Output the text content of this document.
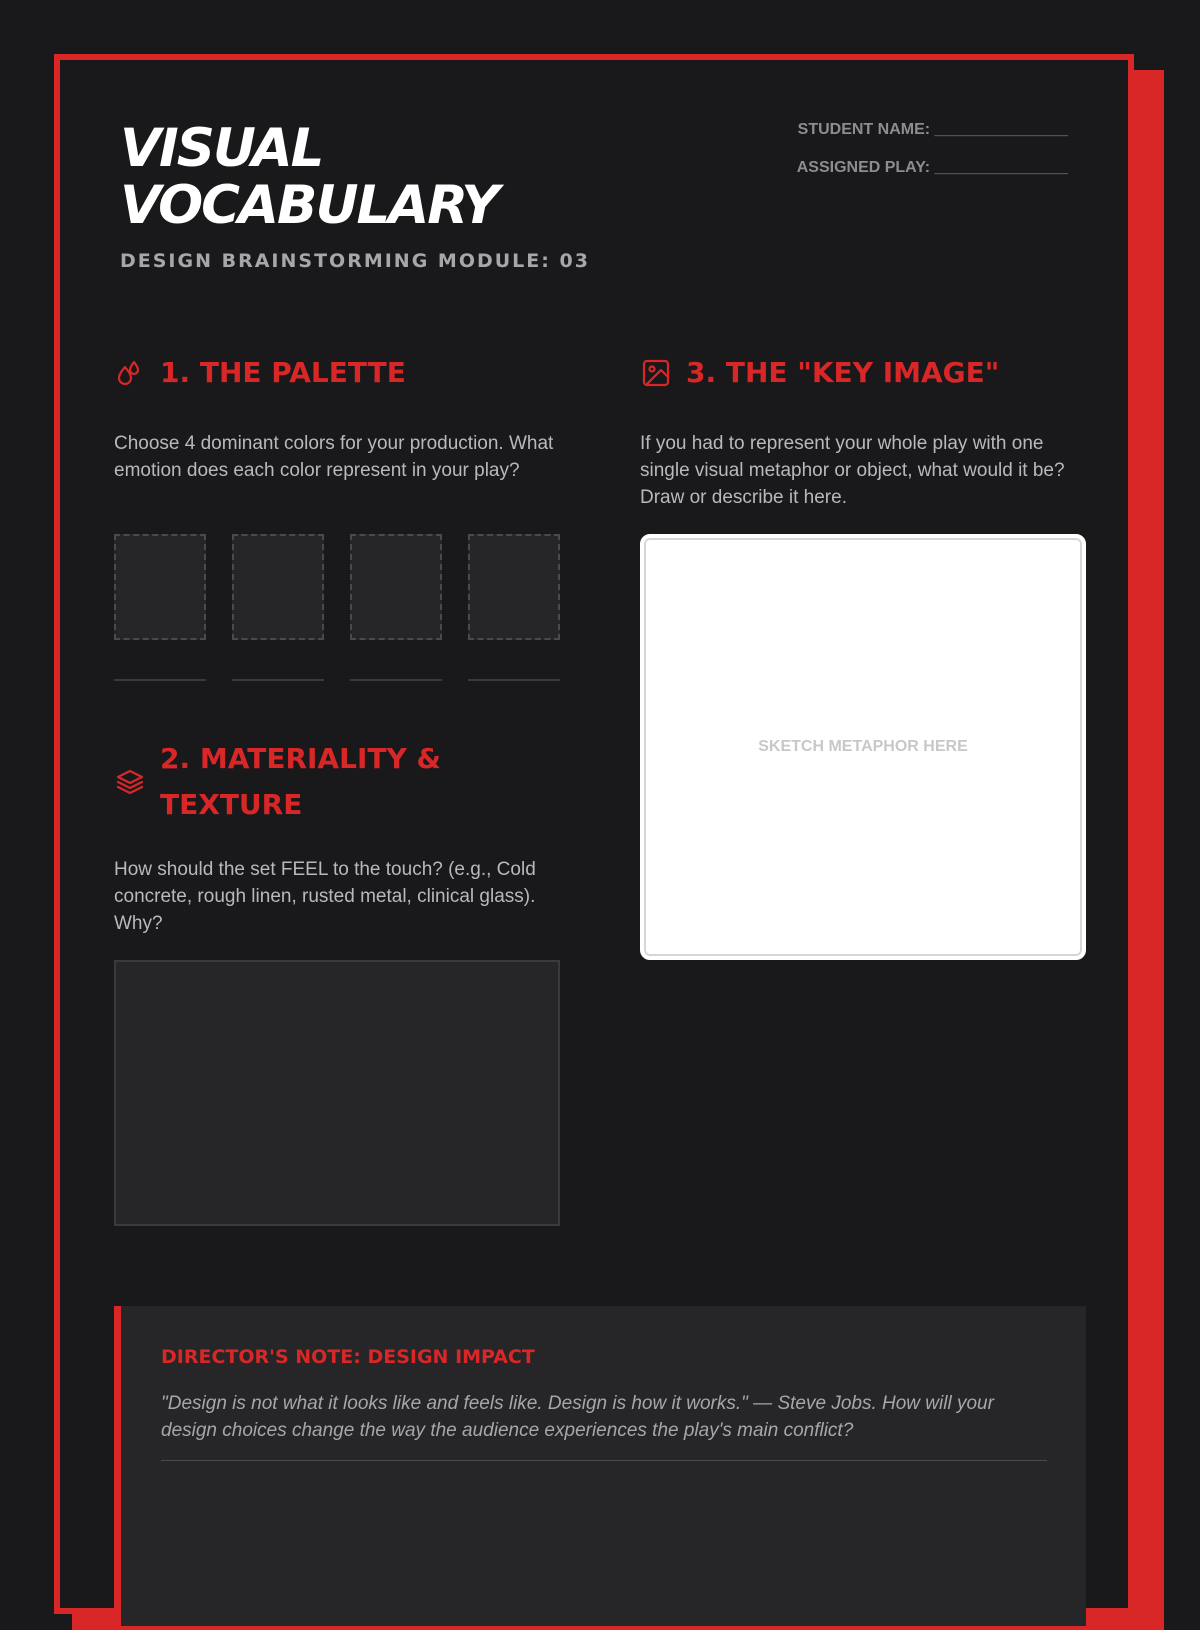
VISUAL
VOCABULARY
DESIGN BRAINSTORMING MODULE: 03
STUDENT NAME: _______________
ASSIGNED PLAY: _______________
1. THE PALETTE

Choose 4 dominant colors for your production. What emotion does each color represent in your play?

2. MATERIALITY &
TEXTURE

How should the set FEEL to the touch? (e.g., Cold concrete, rough linen, rusted metal, clinical glass). Why?

3. THE "KEY IMAGE"

If you had to represent your whole play with one single visual metaphor or object, what would it be? Draw or describe it here.

SKETCH METAPHOR HERE
DIRECTOR'S NOTE: DESIGN IMPACT

"Design is not what it looks like and feels like. Design is how it works." — Steve Jobs. How will your design choices change the way the audience experiences the play's main conflict?
